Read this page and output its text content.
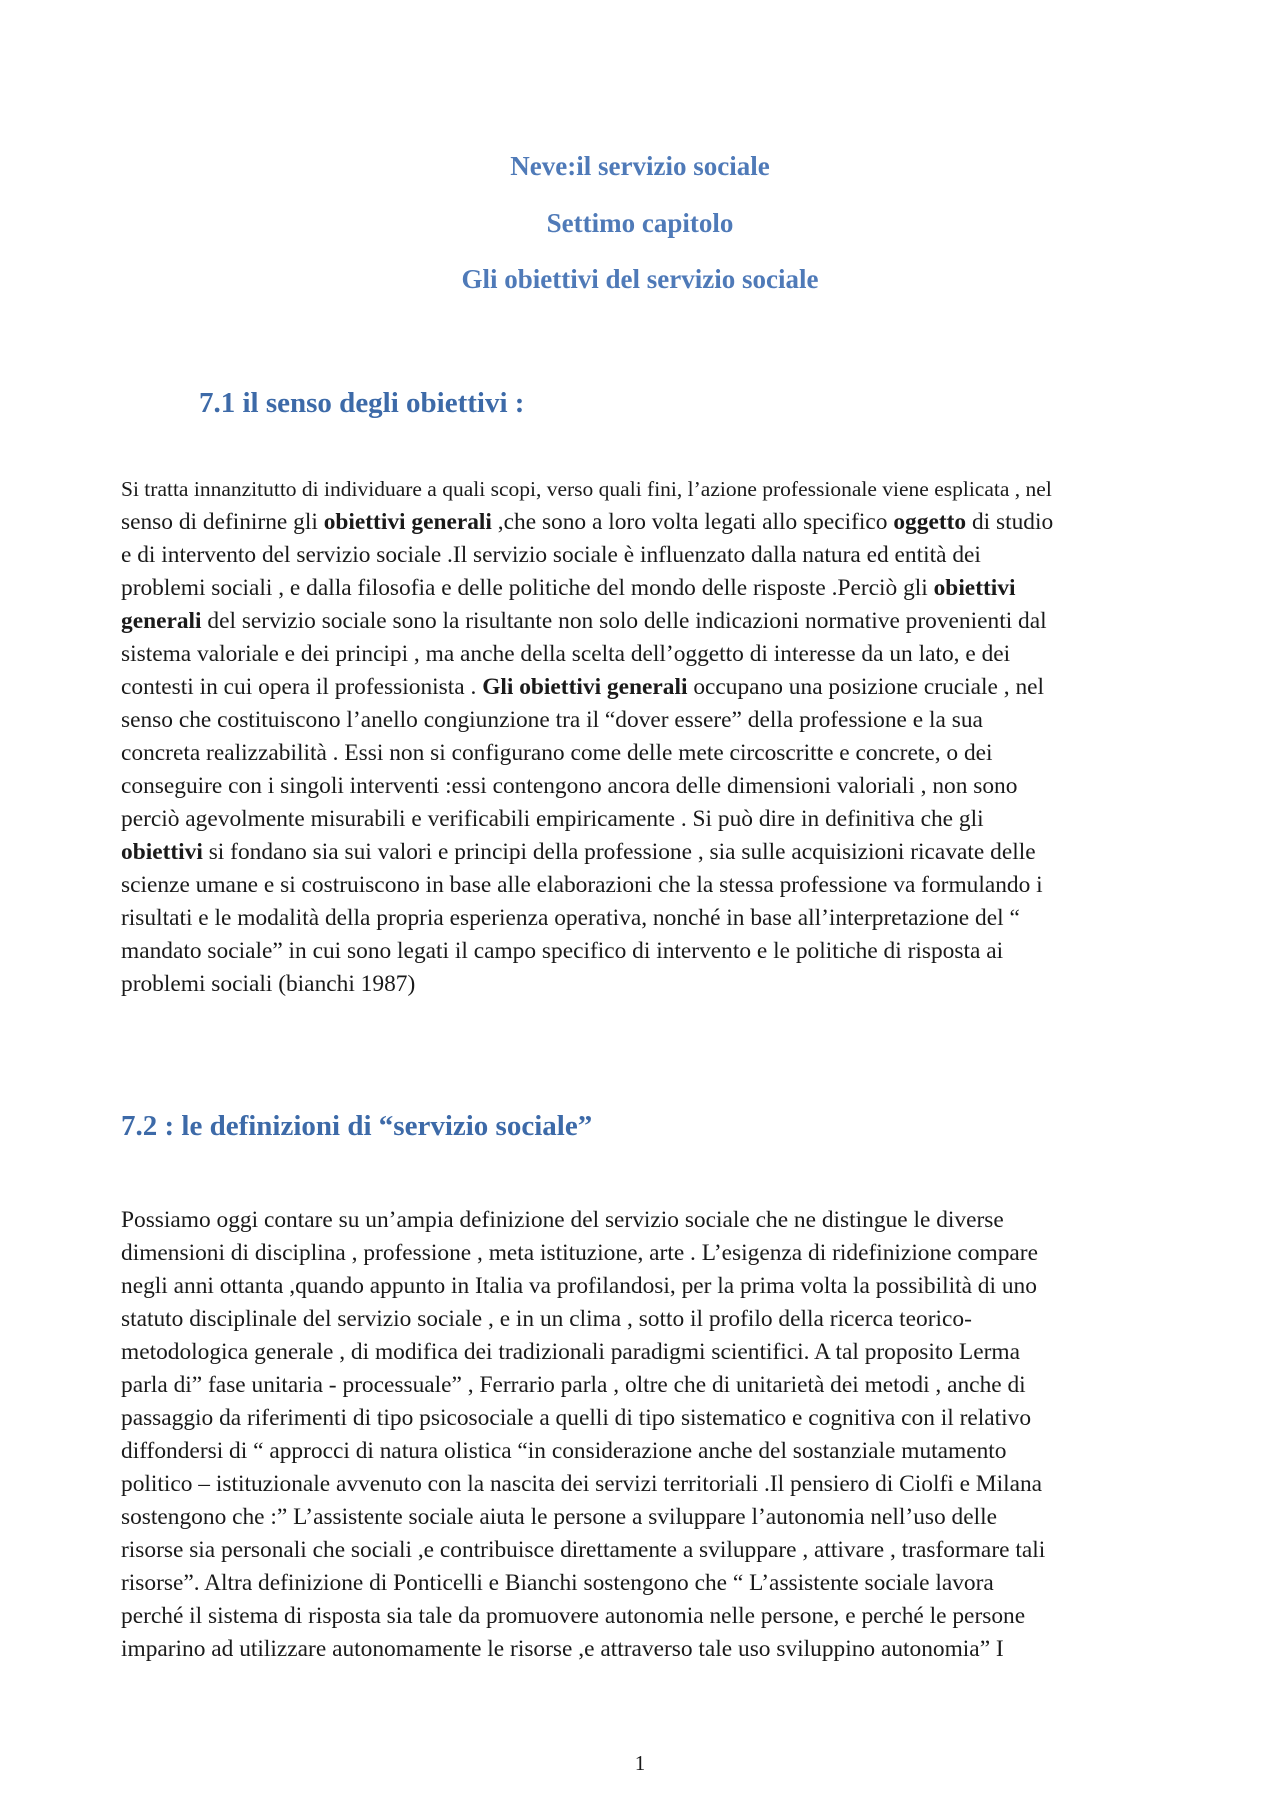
Neve:il servizio sociale
Settimo capitolo
Gli obiettivi del servizio sociale
7.1 il senso degli obiettivi :
Si tratta innanzitutto di individuare a quali scopi, verso quali fini, l’azione professionale viene esplicata , nel
senso di definirne gli obiettivi generali ,che sono a loro volta legati allo specifico oggetto di studio
e di intervento del servizio sociale .Il servizio sociale è influenzato dalla natura ed entità dei
problemi sociali , e dalla filosofia e delle politiche del mondo delle risposte .Perciò gli obiettivi
generali del servizio sociale sono la risultante non solo delle indicazioni normative provenienti dal
sistema valoriale e dei principi , ma anche della scelta dell’oggetto di interesse da un lato, e dei
contesti in cui opera il professionista . Gli obiettivi generali occupano una posizione cruciale , nel
senso che costituiscono l’anello congiunzione tra il “dover essere” della professione e la sua
concreta realizzabilità . Essi non si configurano come delle mete circoscritte e concrete, o dei
conseguire con i singoli interventi :essi contengono ancora delle dimensioni valoriali , non sono
perciò agevolmente misurabili e verificabili empiricamente . Si può dire in definitiva che gli
obiettivi si fondano sia sui valori e principi della professione , sia sulle acquisizioni ricavate delle
scienze umane e si costruiscono in base alle elaborazioni che la stessa professione va formulando i
risultati e le modalità della propria esperienza operativa, nonché in base all’interpretazione del “
mandato sociale” in cui sono legati il campo specifico di intervento e le politiche di risposta ai
problemi sociali (bianchi 1987)
7.2 : le definizioni di “servizio sociale”
Possiamo oggi contare su un’ampia definizione del servizio sociale che ne distingue le diverse
dimensioni di disciplina , professione , meta istituzione, arte . L’esigenza di ridefinizione compare
negli anni ottanta ,quando appunto in Italia va profilandosi, per la prima volta la possibilità di uno
statuto disciplinale del servizio sociale , e in un clima , sotto il profilo della ricerca teorico-
metodologica generale , di modifica dei tradizionali paradigmi scientifici. A tal proposito Lerma
parla di” fase unitaria - processuale” , Ferrario parla , oltre che di unitarietà dei metodi , anche di
passaggio da riferimenti di tipo psicosociale a quelli di tipo sistematico e cognitiva con il relativo
diffondersi di “ approcci di natura olistica “in considerazione anche del sostanziale mutamento
politico – istituzionale avvenuto con la nascita dei servizi territoriali .Il pensiero di Ciolfi e Milana
sostengono che :” L’assistente sociale aiuta le persone a sviluppare l’autonomia nell’uso delle
risorse sia personali che sociali ,e contribuisce direttamente a sviluppare , attivare , trasformare tali
risorse”. Altra definizione di Ponticelli e Bianchi sostengono che “ L’assistente sociale lavora
perché il sistema di risposta sia tale da promuovere autonomia nelle persone, e perché le persone
imparino ad utilizzare autonomamente le risorse ,e attraverso tale uso sviluppino autonomia” I
1
